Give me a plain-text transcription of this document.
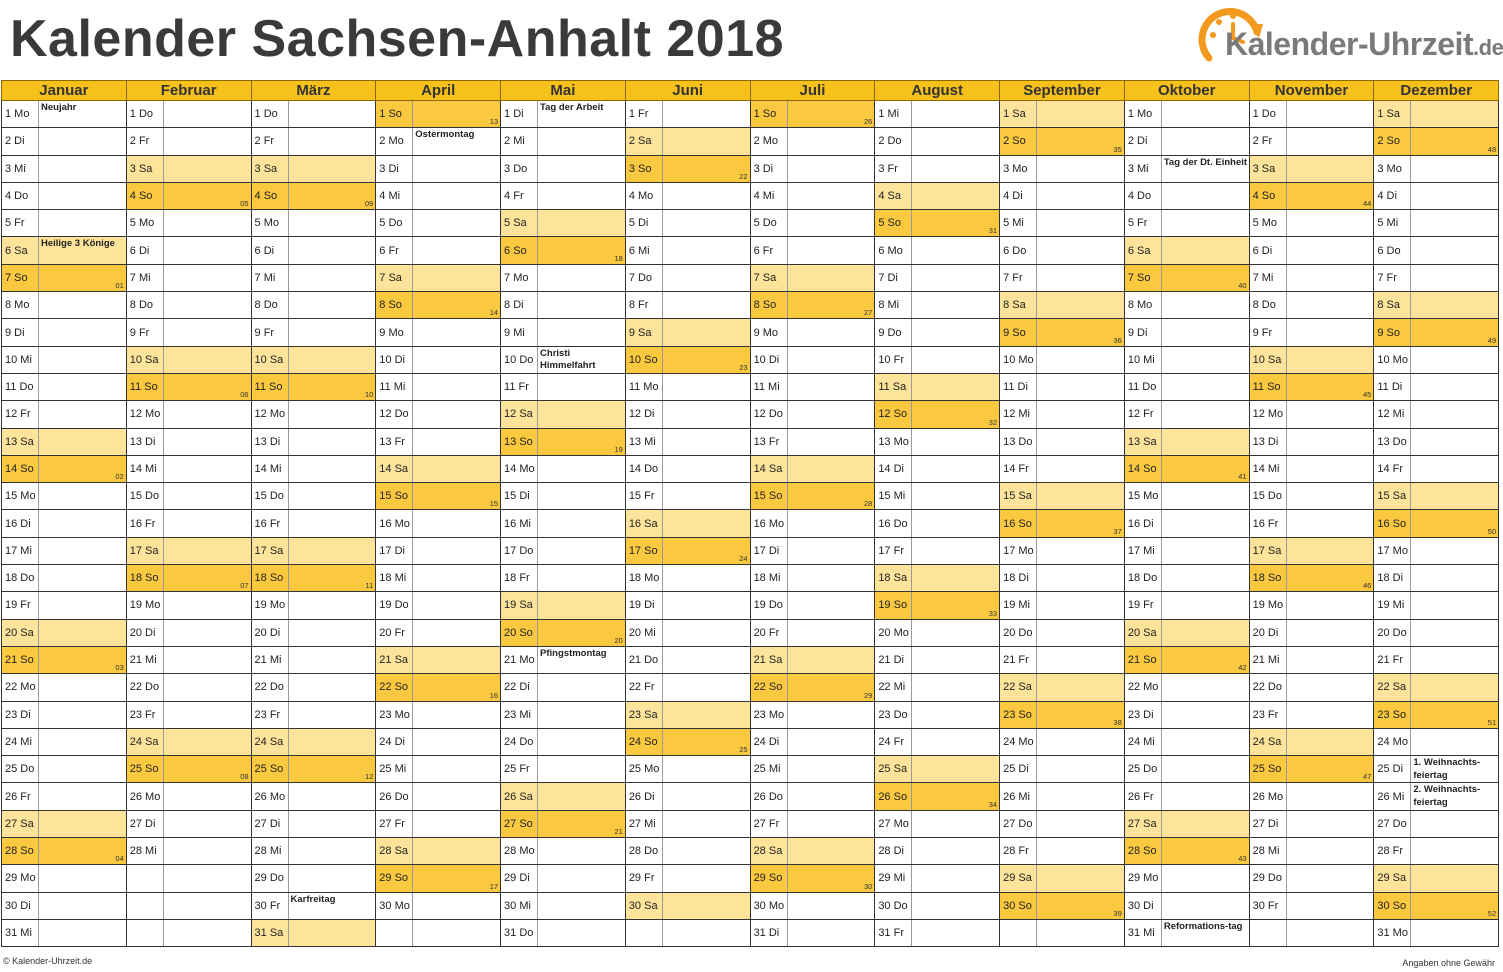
Kalender Sachsen-Anhalt 2018	Kalender-Uhrzeit.de
Januar		Februar		März		April		Mai		Juni		Juli		August		September		Oktober		November		Dezember	
1 Mo	Neujahr	1 Do		1 Do		1 So	13	1 Di	Tag der Arbeit	1 Fr		1 So	26	1 Mi		1 Sa		1 Mo		1 Do		1 Sa	
2 Di		2 Fr		2 Fr		2 Mo	Ostermontag	2 Mi		2 Sa		2 Mo		2 Do		2 So	35	2 Di		2 Fr		2 So	48

3 Mi		3 Sa		3 Sa		3 Di		3 Do		3 So	22	3 Di		3 Fr		3 Mo		3 Mi	Tag der Dt. Einheit	3 Sa		3 Mo	
4 Do		4 So	05	4 So	09	4 Mi		4 Fr		4 Mo		4 Mi		4 Sa		4 Di		4 Do		4 So	44	4 Di	
5 Fr		5 Mo		5 Mo		5 Do		5 Sa		5 Di		5 Do		5 So	31	5 Mi		5 Fr		5 Mo		5 Mi	
6 Sa	Heilige 3 Könige	6 Di		6 Di		6 Fr		6 So	18	6 Mi		6 Fr		6 Mo		6 Do		6 Sa		6 Di		6 Do	
7 So	01	7 Mi		7 Mi		7 Sa		7 Mo		7 Do		7 Sa		7 Di		7 Fr		7 So	40	7 Mi		7 Fr	
8 Mo		8 Do		8 Do		8 So	14	8 Di		8 Fr		8 So	27	8 Mi		8 Sa		8 Mo		8 Do		8 Sa	
9 Di		9 Fr		9 Fr		9 Mo		9 Mi		9 Sa		9 Mo		9 Do		9 So	36	9 Di		9 Fr		9 So	49

10 Mi		10 Sa		10 Sa		10 Di		10 Do	Christi Himmelfahrt	10 So	23	10 Di		10 Fr		10 Mo		10 Mi		10 Sa		10 Mo	
11 Do		11 So	06	11 So	10	11 Mi		11 Fr		11 Mo		11 Mi		11 Sa		11 Di		11 Do		11 So	45	11 Di	
12 Fr		12 Mo		12 Mo		12 Do		12 Sa		12 Di		12 Do		12 So	32	12 Mi		12 Fr		12 Mo		12 Mi	
13 Sa		13 Di		13 Di		13 Fr		13 So	19	13 Mi		13 Fr		13 Mo		13 Do		13 Sa		13 Di		13 Do	
14 So	02	14 Mi		14 Mi		14 Sa		14 Mo		14 Do		14 Sa		14 Di		14 Fr		14 So	41	14 Mi		14 Fr	
15 Mo		15 Do		15 Do		15 So	15	15 Di		15 Fr		15 So	28	15 Mi		15 Sa		15 Mo		15 Do		15 Sa	
16 Di		16 Fr		16 Fr		16 Mo		16 Mi		16 Sa		16 Mo		16 Do		16 So	37	16 Di		16 Fr		16 So	50

17 Mi		17 Sa		17 Sa		17 Di		17 Do		17 So	24	17 Di		17 Fr		17 Mo		17 Mi		17 Sa		17 Mo	
18 Do		18 So	07	18 So	11	18 Mi		18 Fr		18 Mo		18 Mi		18 Sa		18 Di		18 Do		18 So	46	18 Di	
19 Fr		19 Mo		19 Mo		19 Do		19 Sa		19 Di		19 Do		19 So	33	19 Mi		19 Fr		19 Mo		19 Mi	
20 Sa		20 Di		20 Di		20 Fr		20 So	20	20 Mi		20 Fr		20 Mo		20 Do		20 Sa		20 Di		20 Do	
21 So	03	21 Mi		21 Mi		21 Sa		21 Mo	Pfingstmontag	21 Do		21 Sa		21 Di		21 Fr		21 So	42	21 Mi		21 Fr	
22 Mo		22 Do		22 Do		22 So	16	22 Di		22 Fr		22 So	29	22 Mi		22 Sa		22 Mo		22 Do		22 Sa	
23 Di		23 Fr		23 Fr		23 Mo		23 Mi		23 Sa		23 Mo		23 Do		23 So	38	23 Di		23 Fr		23 So	51

24 Mi		24 Sa		24 Sa		24 Di		24 Do		24 So	25	24 Di		24 Fr		24 Mo		24 Mi		24 Sa		24 Mo	
25 Do		25 So	08	25 So	12	25 Mi		25 Fr		25 Mo		25 Mi		25 Sa		25 Di		25 Do		25 So	47	25 Di	1. Weihnachts-feiertag

26 Fr		26 Mo		26 Mo		26 Do		26 Sa		26 Di		26 Do		26 So	34	26 Mi		26 Fr		26 Mo		26 Mi	2. Weihnachts-feiertag

27 Sa		27 Di		27 Di		27 Fr		27 So	21	27 Mi		27 Fr		27 Mo		27 Do		27 Sa		27 Di		27 Do	
28 So	04	28 Mi		28 Mi		28 Sa		28 Mo		28 Do		28 Sa		28 Di		28 Fr		28 So	43	28 Mi		28 Fr	
29 Mo				29 Do		29 So	17	29 Di		29 Fr		29 So	30	29 Mi		29 Sa		29 Mo		29 Do		29 Sa	
30 Di				30 Fr	Karfreitag	30 Mo		30 Mi		30 Sa		30 Mo		30 Do		30 So	39	30 Di		30 Fr		30 So	52

31 Mi				31 Sa				31 Do				31 Di		31 Fr				31 Mi	Reformations-tag			31 Mo	
© Kalender-Uhrzeit.de	Angaben ohne Gewähr
